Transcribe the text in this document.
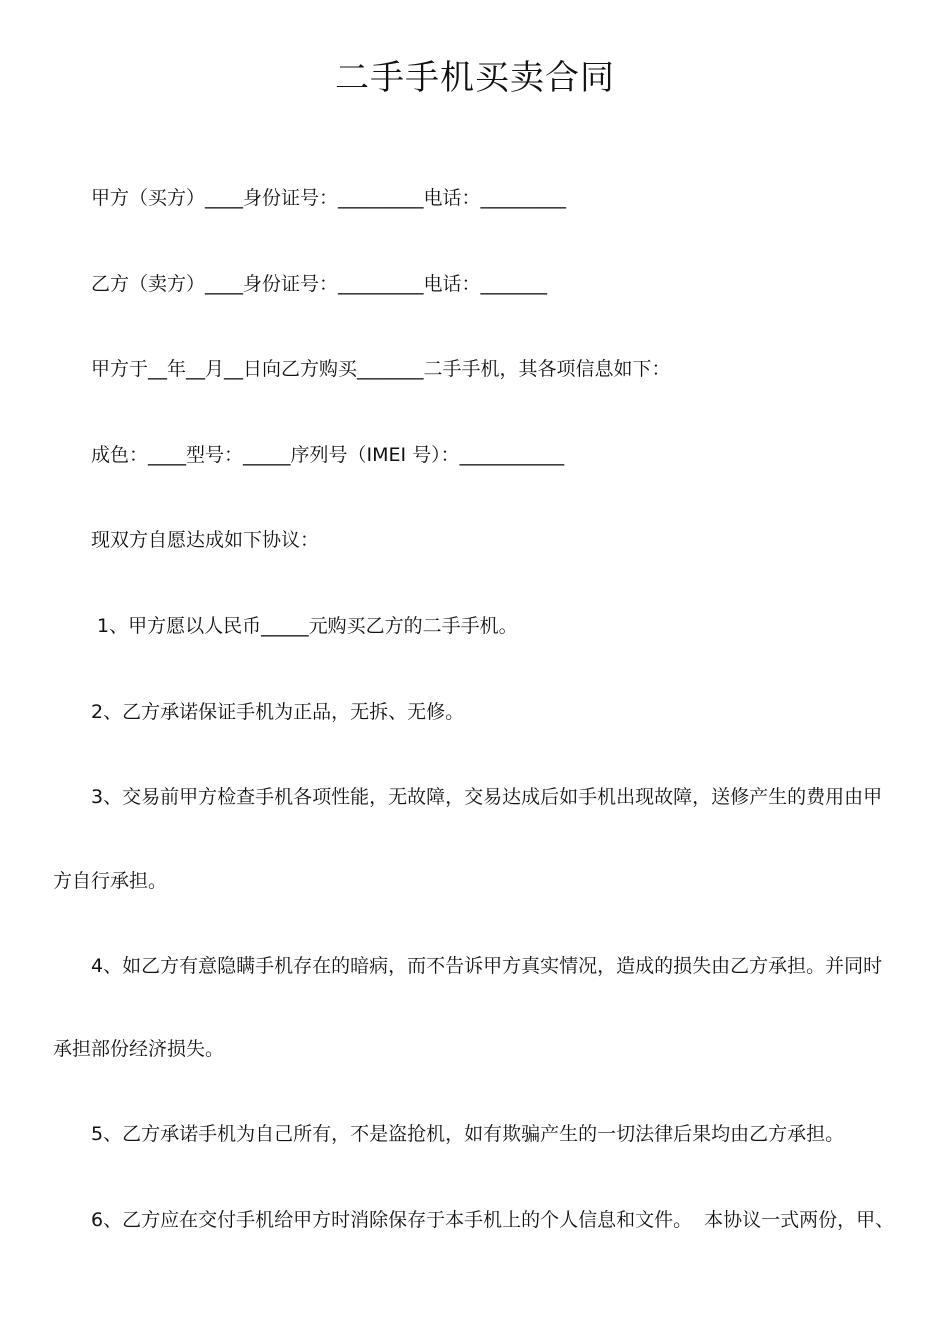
二手手机买卖合同

甲方（买方）____身份证号：_________电话：_________

乙方（卖方）____身份证号：_________电话：_______

甲方于__年__月__日向乙方购买_______二手手机，其各项信息如下：

成色：____型号：_____序列号（IMEI 号）：___________

现双方自愿达成如下协议：

1、甲方愿以人民币_____元购买乙方的二手手机。

2、乙方承诺保证手机为正品，无拆、无修。

3、交易前甲方检查手机各项性能，无故障，交易达成后如手机出现故障，送修产生的费用由甲

方自行承担。

4、如乙方有意隐瞒手机存在的暗病，而不告诉甲方真实情况，造成的损失由乙方承担。并同时

承担部份经济损失。

5、乙方承诺手机为自己所有，不是盗抢机，如有欺骗产生的一切法律后果均由乙方承担。

6、乙方应在交付手机给甲方时消除保存于本手机上的个人信息和文件。  本协议一式两份，甲、
